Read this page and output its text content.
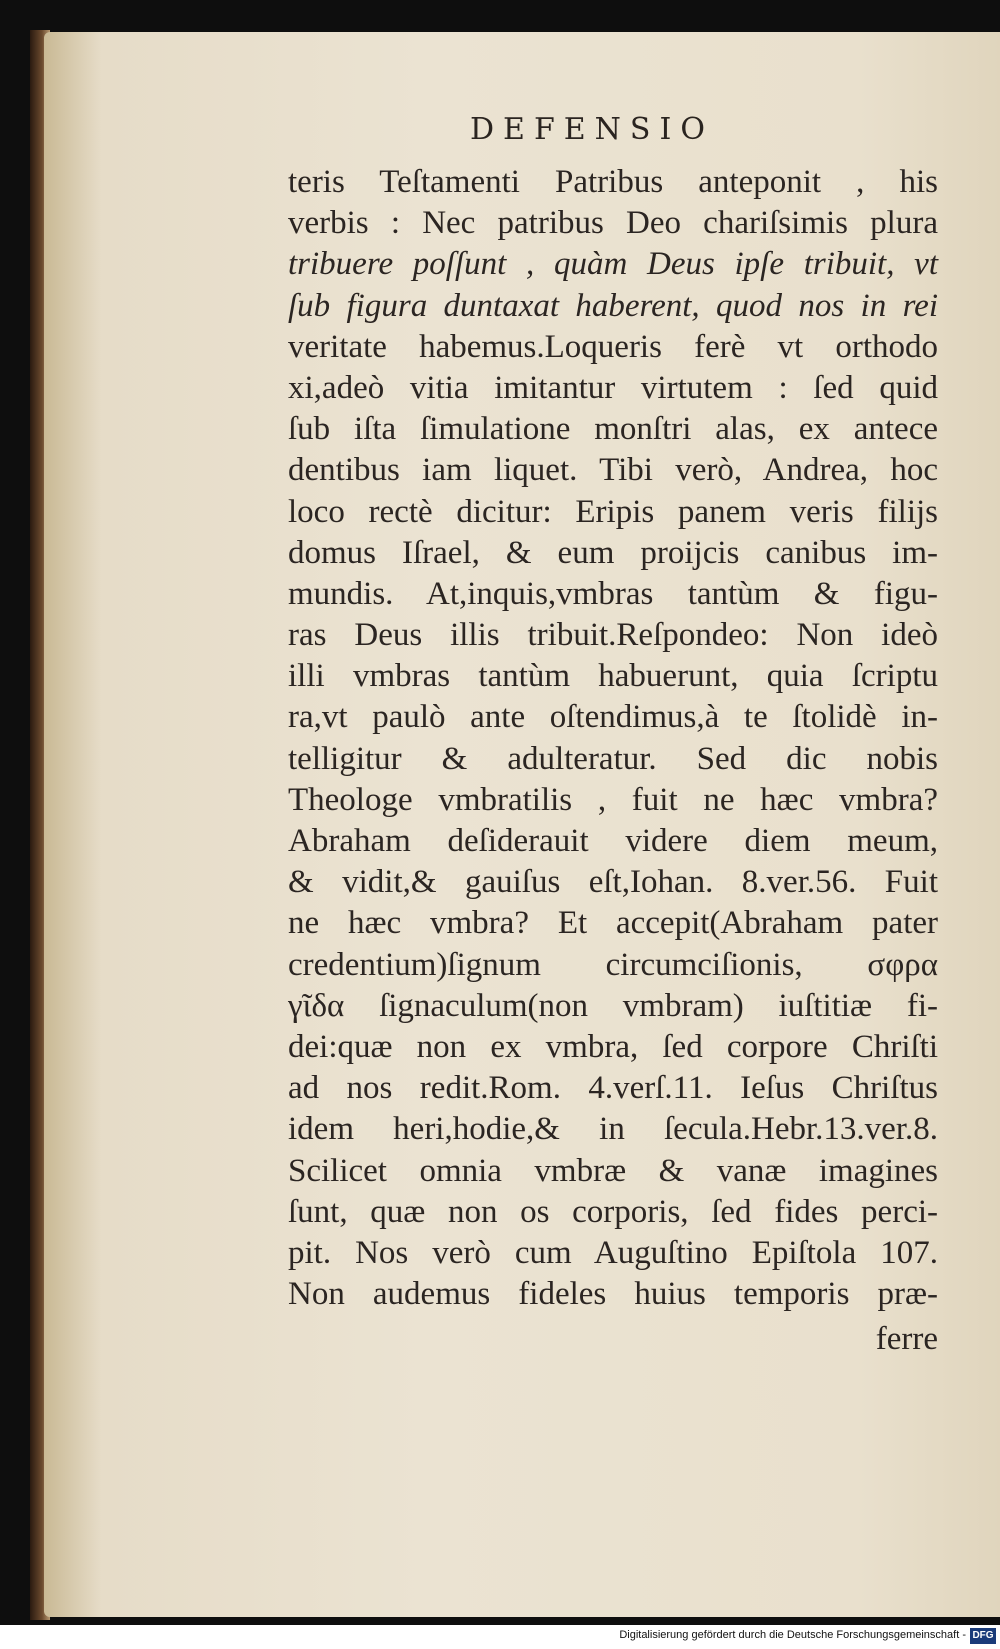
DEFENSIO
teris Teſtamenti Patribus anteponit , his
verbis : Nec patribus Deo chariſsimis plura
tribuere poſſunt , quàm Deus ipſe tribuit, vt
ſub figura duntaxat haberent, quod nos in rei
veritate habemus.Loqueris ferè vt orthodo
xi,adeò vitia imitantur virtutem : ſed quid
ſub iſta ſimulatione monſtri alas, ex antece
dentibus iam liquet. Tibi verò, Andrea, hoc
loco rectè dicitur: Eripis panem veris filijs
domus Iſrael, & eum proijcis canibus im-
mundis. At,inquis,vmbras tantùm & figu-
ras Deus illis tribuit.Reſpondeo: Non ideò
illi vmbras tantùm habuerunt, quia ſcriptu
ra,vt paulò ante oſtendimus,à te ſtolidè in-
telligitur & adulteratur. Sed dic nobis
Theologe vmbratilis , fuit ne hæc vmbra?
Abraham deſiderauit videre diem meum,
& vidit,& gauiſus eſt,Iohan. 8.ver.56. Fuit
ne hæc vmbra? Et accepit(Abraham pater
credentium)ſignum circumciſionis, σφρα
γῖδα ſignaculum(non vmbram) iuſtitiæ fi-
dei:quæ non ex vmbra, ſed corpore Chriſti
ad nos redit.Rom. 4.verſ.11. Ieſus Chriſtus
idem heri,hodie,& in ſecula.Hebr.13.ver.8.
Scilicet omnia vmbræ & vanæ imagines
ſunt, quæ non os corporis, ſed fides perci-
pit. Nos verò cum Auguſtino Epiſtola 107.
Non audemus fideles huius temporis præ-
ferre
Digitalisierung gefördert durch die Deutsche Forschungsgemeinschaft - DFG
